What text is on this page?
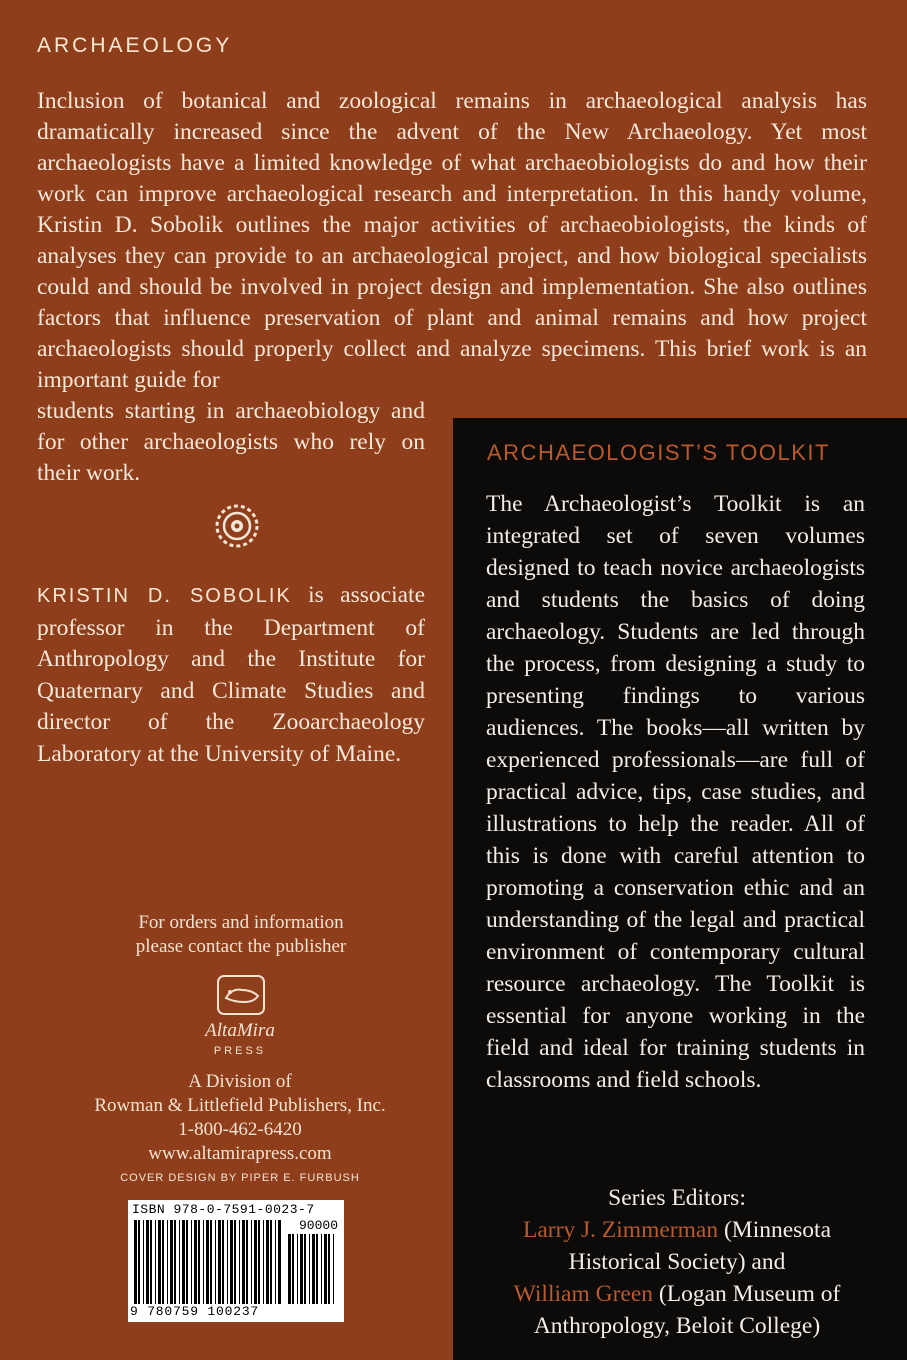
ARCHAEOLOGY

Inclusion of botanical and zoological remains in archaeological analysis has dramatically increased since the advent of the New Archaeology. Yet most archaeologists have a limited knowledge of what archaeobiologists do and how their work can improve archaeological research and interpretation. In this handy volume, Kristin D. Sobolik outlines the major activities of archaeobiologists, the kinds of analyses they can provide to an archaeological project, and how biological specialists could and should be involved in project design and implementation. She also outlines factors that influence preservation of plant and animal remains and how project archaeologists should properly collect and analyze specimens. This brief work is an important guide for

students starting in archaeobiology and for other archaeologists who rely on their work.

KRISTIN D. SOBOLIK is associate professor in the Department of Anthropology and the Institute for Quaternary and Climate Studies and director of the Zooarchaeology Laboratory at the University of Maine.

For orders and information
please contact the publisher
AltaMira
PRESS
A Division of
Rowman & Littlefield Publishers, Inc.
1-800-462-6420
www.altamirapress.com
COVER DESIGN BY PIPER E. FURBUSH
ISBN 978-0-7591-0023-7
90000
9 780759 100237
ARCHAEOLOGIST’S TOOLKIT

The Archaeologist’s Toolkit is an integrated set of seven volumes designed to teach novice archaeologists and students the basics of doing archaeology. Students are led through the process, from designing a study to presenting findings to various audiences. The books—all written by experienced professionals—are full of practical advice, tips, case studies, and illustrations to help the reader. All of this is done with careful attention to promoting a conservation ethic and an understanding of the legal and practical environment of contemporary cultural resource archaeology. The Toolkit is essential for anyone working in the field and ideal for training students in classrooms and field schools.

Series Editors:
Larry J. Zimmerman (Minnesota Historical Society) and
William Green (Logan Museum of Anthropology, Beloit College)
